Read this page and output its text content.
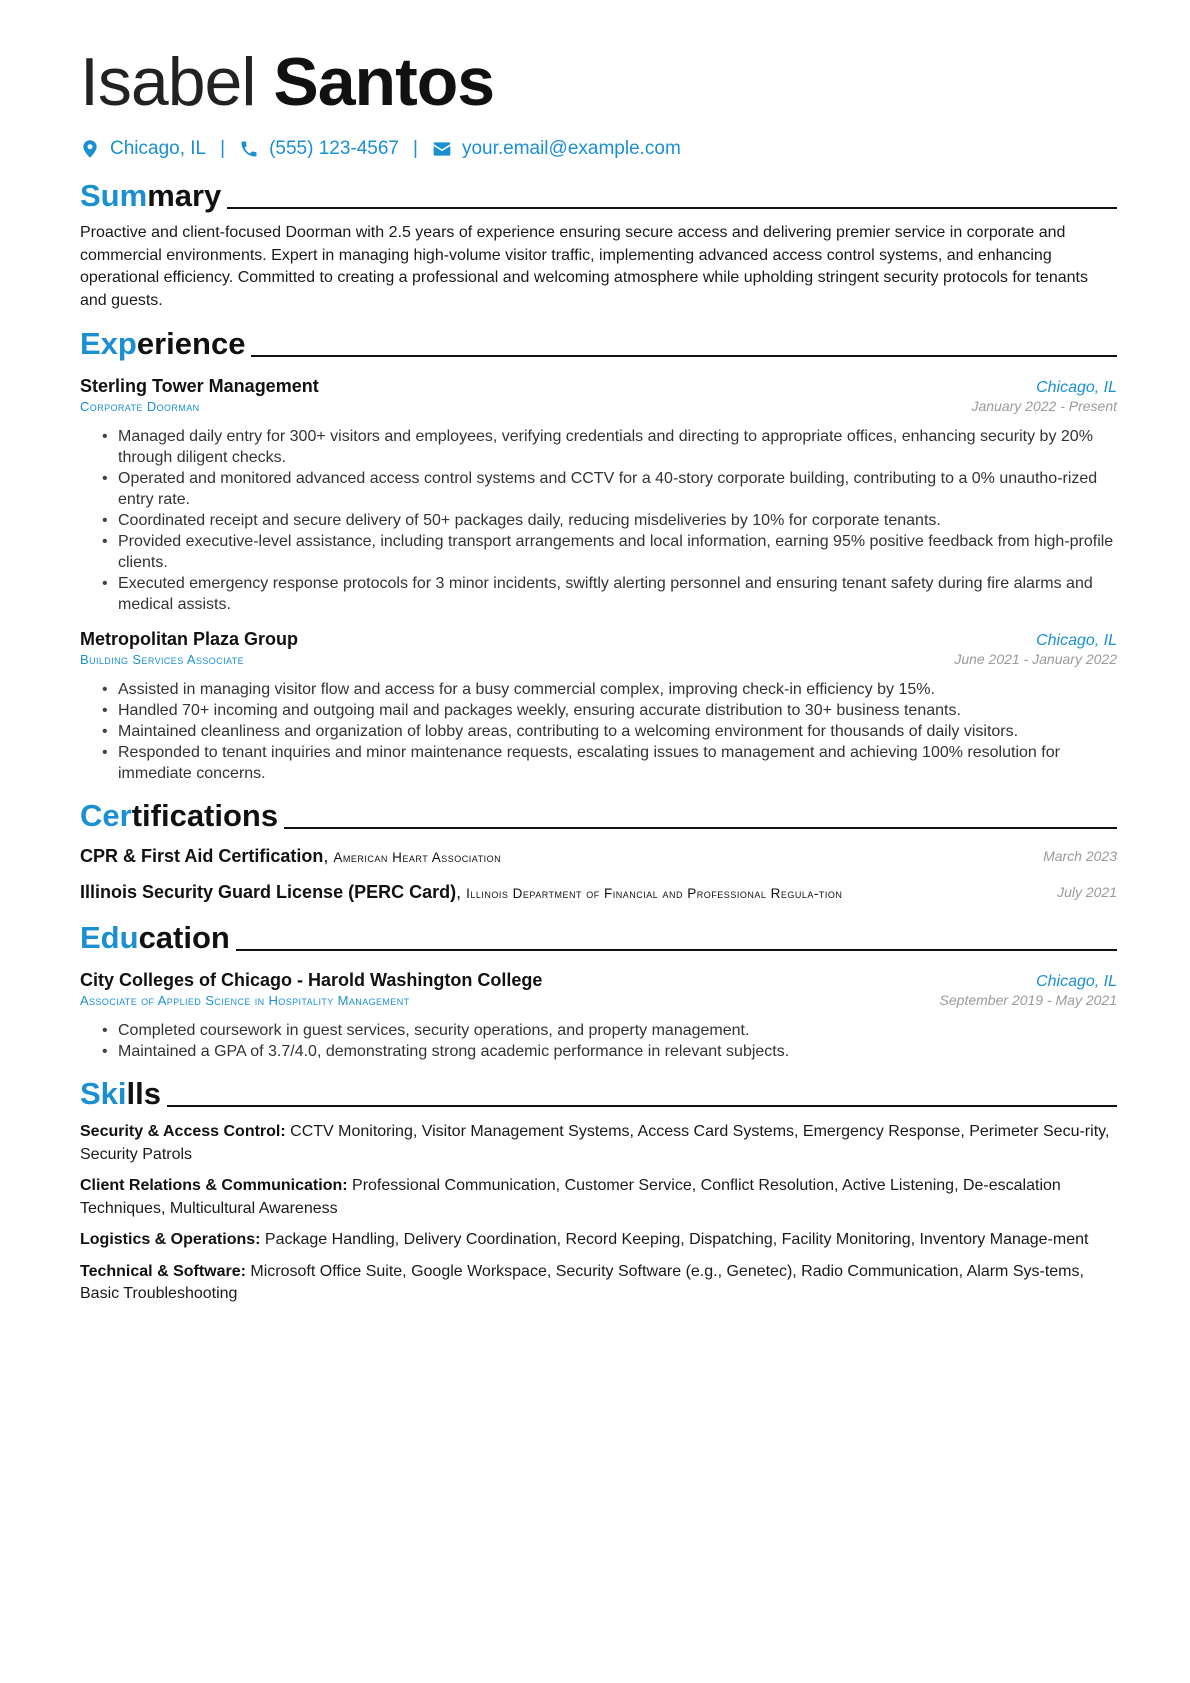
Isabel Santos
Chicago, IL | (555) 123-4567 | your.email@example.com
Summary
Proactive and client-focused Doorman with 2.5 years of experience ensuring secure access and delivering premier service in corporate and commercial environments. Expert in managing high-volume visitor traffic, implementing advanced access control systems, and enhancing operational efficiency. Committed to creating a professional and welcoming atmosphere while upholding stringent security protocols for tenants and guests.
Experience
Sterling Tower Management	Chicago, IL
Corporate Doorman	January 2022 - Present
• Managed daily entry for 300+ visitors and employees, verifying credentials and directing to appropriate offices, enhancing security by 20% through diligent checks.
• Operated and monitored advanced access control systems and CCTV for a 40-story corporate building, contributing to a 0% unautho-rized entry rate.
• Coordinated receipt and secure delivery of 50+ packages daily, reducing misdeliveries by 10% for corporate tenants.
• Provided executive-level assistance, including transport arrangements and local information, earning 95% positive feedback from high-profile clients.
• Executed emergency response protocols for 3 minor incidents, swiftly alerting personnel and ensuring tenant safety during fire alarms and medical assists.
Metropolitan Plaza Group	Chicago, IL
Building Services Associate	June 2021 - January 2022
• Assisted in managing visitor flow and access for a busy commercial complex, improving check-in efficiency by 15%.
• Handled 70+ incoming and outgoing mail and packages weekly, ensuring accurate distribution to 30+ business tenants.
• Maintained cleanliness and organization of lobby areas, contributing to a welcoming environment for thousands of daily visitors.
• Responded to tenant inquiries and minor maintenance requests, escalating issues to management and achieving 100% resolution for immediate concerns.
Certifications
CPR & First Aid Certification, American Heart Association	March 2023
Illinois Security Guard License (PERC Card), Illinois Department of Financial and Professional Regula-tion	July 2021
Education
City Colleges of Chicago - Harold Washington College	Chicago, IL
Associate of Applied Science in Hospitality Management	September 2019 - May 2021
• Completed coursework in guest services, security operations, and property management.
• Maintained a GPA of 3.7/4.0, demonstrating strong academic performance in relevant subjects.
Skills
Security & Access Control: CCTV Monitoring, Visitor Management Systems, Access Card Systems, Emergency Response, Perimeter Secu-rity, Security Patrols
Client Relations & Communication: Professional Communication, Customer Service, Conflict Resolution, Active Listening, De-escalation Techniques, Multicultural Awareness
Logistics & Operations: Package Handling, Delivery Coordination, Record Keeping, Dispatching, Facility Monitoring, Inventory Manage-ment
Technical & Software: Microsoft Office Suite, Google Workspace, Security Software (e.g., Genetec), Radio Communication, Alarm Sys-tems, Basic Troubleshooting
